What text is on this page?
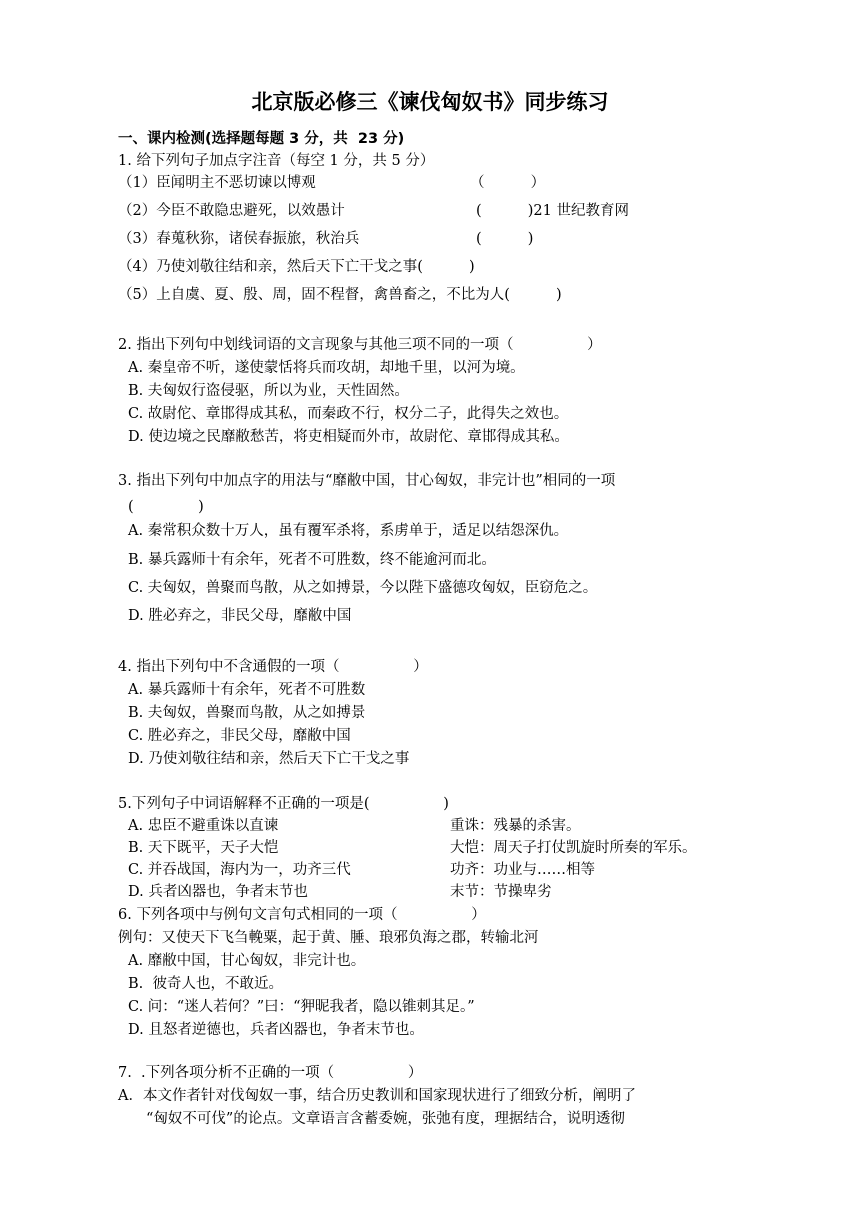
北京版必修三《谏伐匈奴书》同步练习
一、课内检测(选择题每题 3 分，共  23 分)
1. 给下列句子加点字注音（每空 1 分，共 5 分）
（1）臣闻明主不恶切谏以博观	（          ）
（2）今臣不敢隐忠避死，以效愚计	(          )21 世纪教育网
（3）春蒐秋狝，诸侯春振旅，秋治兵	(          )
（4）乃使刘敬往结和亲，然后天下亡干戈之事(          )
（5）上自虞、夏、殷、周，固不程督，禽兽畜之，不比为人(          )
2. 指出下列句中划线词语的文言现象与其他三项不同的一项（                ）
A. 秦皇帝不听，遂使蒙恬将兵而攻胡，却地千里，以河为境。
B. 夫匈奴行盗侵驱，所以为业，天性固然。
C. 故尉佗、章邯得成其私，而秦政不行，权分二子，此得失之效也。
D. 使边境之民靡敝愁苦，将吏相疑而外市，故尉佗、章邯得成其私。
3. 指出下列句中加点字的用法与“靡敝中国，甘心匈奴，非完计也”相同的一项
(              )
A. 秦常积众数十万人，虽有覆军杀将，系虏单于，适足以结怨深仇。
B. 暴兵露师十有余年，死者不可胜数，终不能逾河而北。
C. 夫匈奴，兽聚而鸟散，从之如搏景，今以陛下盛德攻匈奴，臣窃危之。
D. 胜必弃之，非民父母，靡敝中国
4. 指出下列句中不含通假的一项（                ）
A. 暴兵露师十有余年，死者不可胜数
B. 夫匈奴，兽聚而鸟散，从之如搏景
C. 胜必弃之，非民父母，靡敝中国
D. 乃使刘敬往结和亲，然后天下亡干戈之事
5.下列句子中词语解释不正确的一项是(                )
A. 忠臣不避重诛以直谏	重诛：残暴的杀害。
B. 天下既平，天子大恺	大恺：周天子打仗凯旋时所奏的军乐。
C. 并吞战国，海内为一，功齐三代	功齐：功业与……相等
D. 兵者凶器也，争者末节也	末节：节操卑劣
6. 下列各项中与例句文言句式相同的一项（                ）
例句：又使天下飞刍輓粟，起于黄、腄、琅邪负海之郡，转输北河
A. 靡敝中国，甘心匈奴，非完计也。
B.  彼奇人也，不敢近。
C. 问：“迷人若何？”曰：“狎昵我者，隐以锥刺其足。”
D. 且怒者逆德也，兵者凶器也，争者末节也。
7.  .下列各项分析不正确的一项（                ）
A．本文作者针对伐匈奴一事，结合历史教训和国家现状进行了细致分析，阐明了
“匈奴不可伐”的论点。文章语言含蓄委婉，张弛有度，理据结合，说明透彻
